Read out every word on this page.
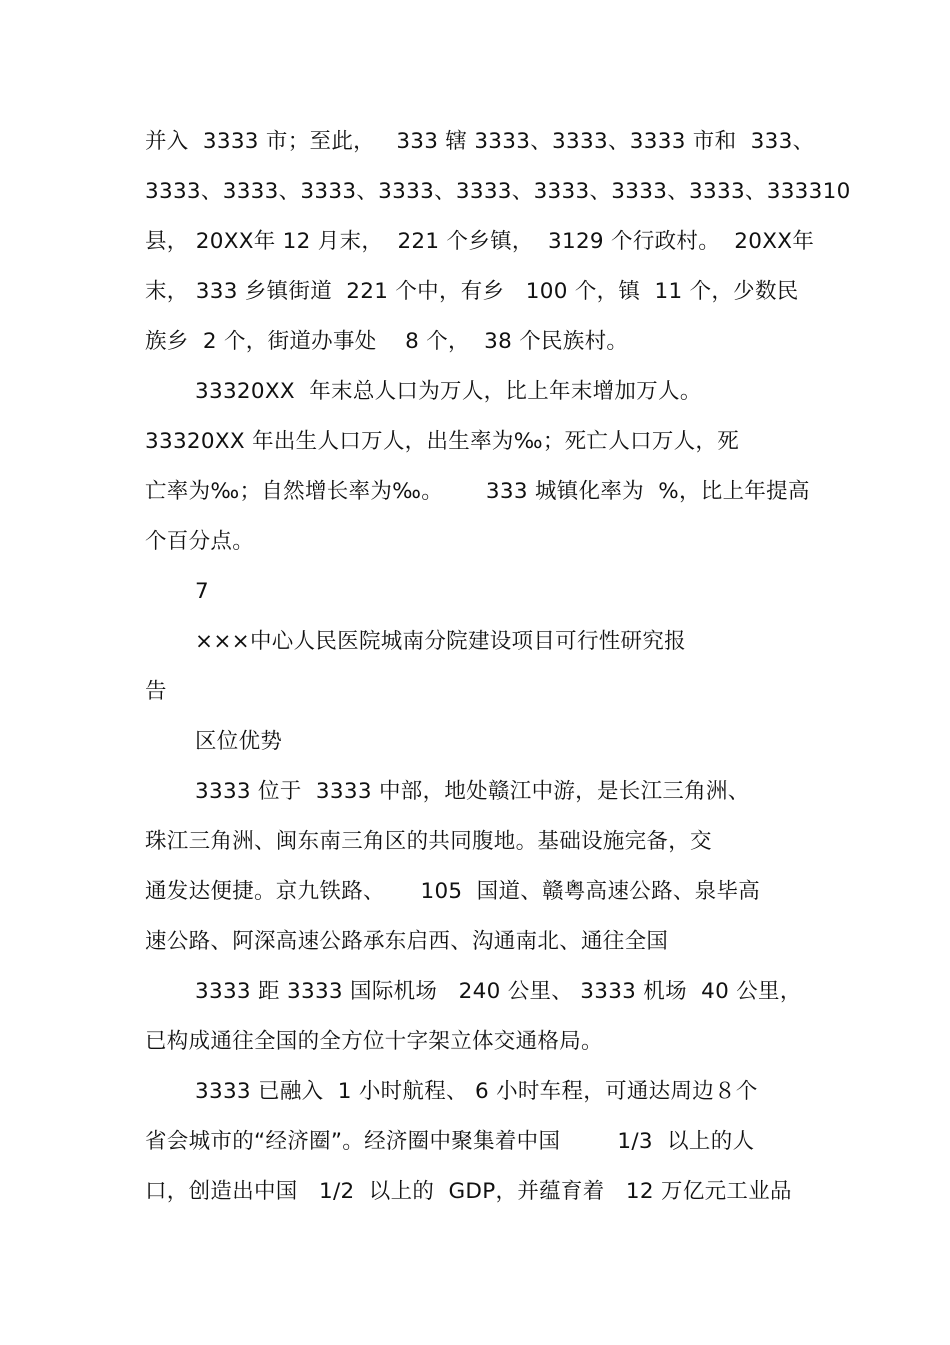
并入  3333 市；至此，   333 辖 3333、3333、3333 市和  333、
3333、3333、3333、3333、3333、3333、3333、3333、333310
县， 20XX年 12 月末，  221 个乡镇，  3129 个行政村。  20XX年
末， 333 乡镇街道  221 个中，有乡   100 个，镇  11 个，少数民
族乡  2 个，街道办事处    8 个，  38 个民族村。
33320XX  年末总人口为万人，比上年末增加万人。
33320XX 年出生人口万人，出生率为‰；死亡人口万人，死
亡率为‰；自然增长率为‰。      333 城镇化率为  %，比上年提高
个百分点。
7
×××中心人民医院城南分院建设项目可行性研究报
告
区位优势
3333 位于  3333 中部，地处赣江中游，是长江三角洲、
珠江三角洲、闽东南三角区的共同腹地。基础设施完备，交
通发达便捷。京九铁路、     105  国道、赣粤高速公路、泉毕高
速公路、阿深高速公路承东启西、沟通南北、通往全国
3333 距 3333 国际机场   240 公里、 3333 机场  40 公里，
已构成通往全国的全方位十字架立体交通格局。
3333 已融入  1 小时航程、 6 小时车程，可通达周边８个
省会城市的“经济圈”。经济圈中聚集着中国        1/3  以上的人
口，创造出中国   1/2  以上的  GDP，并蕴育着   12 万亿元工业品
